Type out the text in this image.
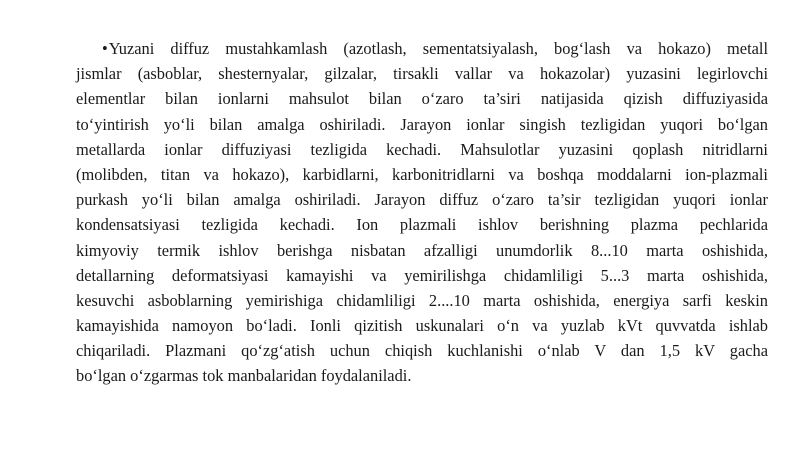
•Yuzani diffuz mustahkamlash (azotlash, sementatsiyalash, bog‘lash va hokazo) metall
jismlar (asboblar, shesternyalar, gilzalar, tirsakli vallar va hokazolar) yuzasini legirlovchi
elementlar bilan ionlarni mahsulot bilan o‘zaro ta’siri natijasida qizish diffuziyasida
to‘yintirish yo‘li bilan amalga oshiriladi. Jarayon ionlar singish tezligidan yuqori bo‘lgan
metallarda ionlar diffuziyasi tezligida kechadi. Mahsulotlar yuzasini qoplash nitridlarni
(molibden, titan va hokazo), karbidlarni, karbonitridlarni va boshqa moddalarni ion-plazmali
purkash yo‘li bilan amalga oshiriladi. Jarayon diffuz o‘zaro ta’sir tezligidan yuqori ionlar
kondensatsiyasi tezligida kechadi. Ion plazmali ishlov berishning plazma pechlarida
kimyoviy termik ishlov berishga nisbatan afzalligi unumdorlik 8...10 marta oshishida,
detallarning deformatsiyasi kamayishi va yemirilishga chidamliligi 5...3 marta oshishida,
kesuvchi asboblarning yemirishiga chidamliligi 2....10 marta oshishida, energiya sarfi keskin
kamayishida namoyon bo‘ladi. Ionli qizitish uskunalari o‘n va yuzlab kVt quvvatda ishlab
chiqariladi. Plazmani qo‘zg‘atish uchun chiqish kuchlanishi o‘nlab V dan 1,5 kV gacha
bo‘lgan o‘zgarmas tok manbalaridan foydalaniladi.
